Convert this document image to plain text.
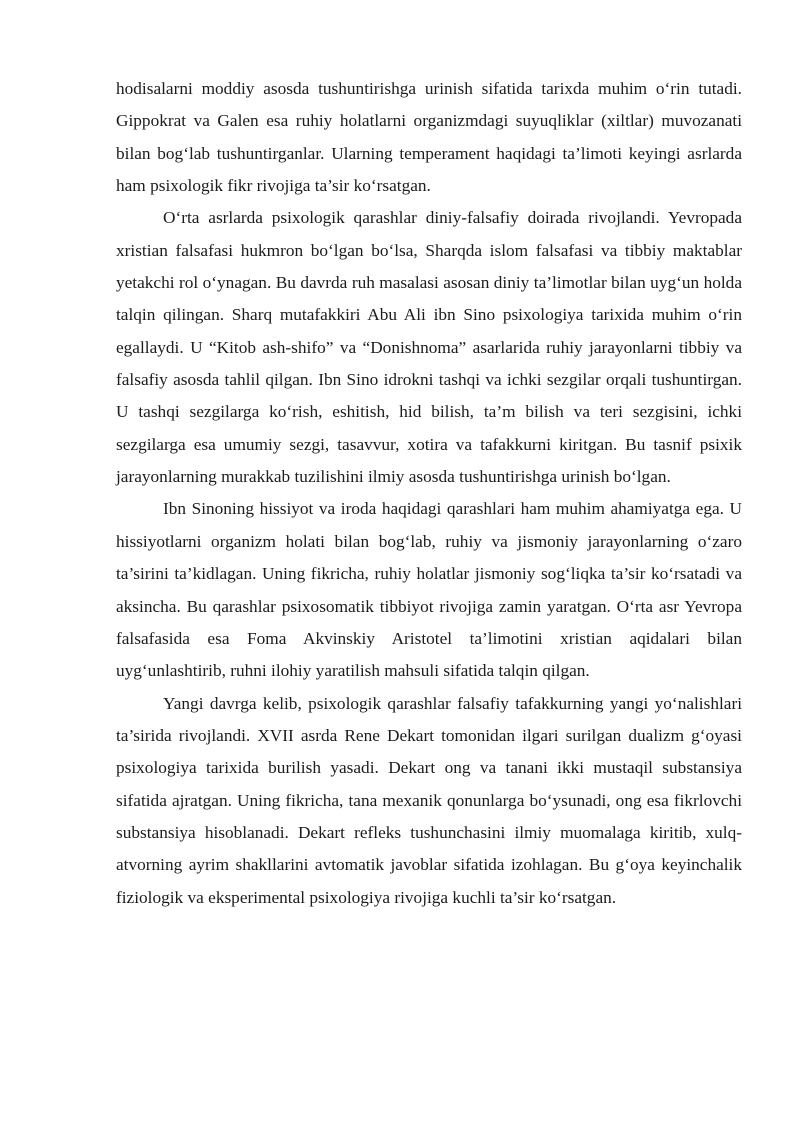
hodisalarni moddiy asosda tushuntirishga urinish sifatida tarixda muhim o‘rin tutadi. Gippokrat va Galen esa ruhiy holatlarni organizmdagi suyuqliklar (xiltlar) muvozanati bilan bog‘lab tushuntirganlar. Ularning temperament haqidagi ta’limoti keyingi asrlarda ham psixologik fikr rivojiga ta’sir ko‘rsatgan.

O‘rta asrlarda psixologik qarashlar diniy-falsafiy doirada rivojlandi. Yevropada xristian falsafasi hukmron bo‘lgan bo‘lsa, Sharqda islom falsafasi va tibbiy maktablar yetakchi rol o‘ynagan. Bu davrda ruh masalasi asosan diniy ta’limotlar bilan uyg‘un holda talqin qilingan. Sharq mutafakkiri Abu Ali ibn Sino psixologiya tarixida muhim o‘rin egallaydi. U “Kitob ash-shifo” va “Donishnoma” asarlarida ruhiy jarayonlarni tibbiy va falsafiy asosda tahlil qilgan. Ibn Sino idrokni tashqi va ichki sezgilar orqali tushuntirgan. U tashqi sezgilarga ko‘rish, eshitish, hid bilish, ta’m bilish va teri sezgisini, ichki sezgilarga esa umumiy sezgi, tasavvur, xotira va tafakkurni kiritgan. Bu tasnif psixik jarayonlarning murakkab tuzilishini ilmiy asosda tushuntirishga urinish bo‘lgan.

Ibn Sinoning hissiyot va iroda haqidagi qarashlari ham muhim ahamiyatga ega. U hissiyotlarni organizm holati bilan bog‘lab, ruhiy va jismoniy jarayonlarning o‘zaro ta’sirini ta’kidlagan. Uning fikricha, ruhiy holatlar jismoniy sog‘liqka ta’sir ko‘rsatadi va aksincha. Bu qarashlar psixosomatik tibbiyot rivojiga zamin yaratgan. O‘rta asr Yevropa falsafasida esa Foma Akvinskiy Aristotel ta’limotini xristian aqidalari bilan uyg‘unlashtirib, ruhni ilohiy yaratilish mahsuli sifatida talqin qilgan.

Yangi davrga kelib, psixologik qarashlar falsafiy tafakkurning yangi yo‘nalishlari ta’sirida rivojlandi. XVII asrda Rene Dekart tomonidan ilgari surilgan dualizm g‘oyasi psixologiya tarixida burilish yasadi. Dekart ong va tanani ikki mustaqil substansiya sifatida ajratgan. Uning fikricha, tana mexanik qonunlarga bo‘ysunadi, ong esa fikrlovchi substansiya hisoblanadi. Dekart refleks tushunchasini ilmiy muomalaga kiritib, xulq-atvorning ayrim shakllarini avtomatik javoblar sifatida izohlagan. Bu g‘oya keyinchalik fiziologik va eksperimental psixologiya rivojiga kuchli ta’sir ko‘rsatgan.
